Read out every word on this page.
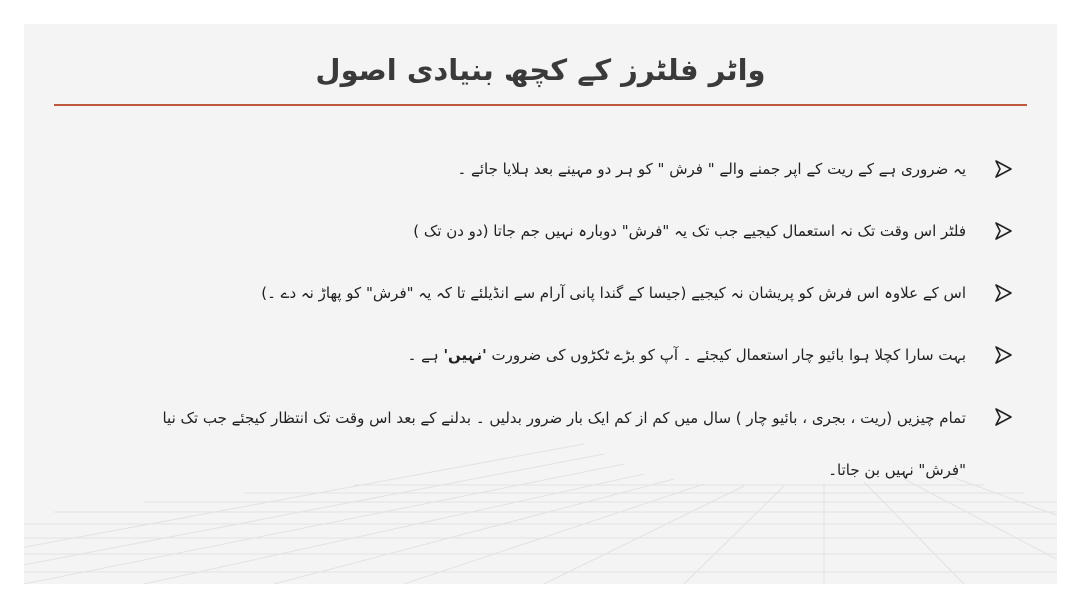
واٹر فلٹرز کے کچھ بنیادی اصول
یہ ضروری ہے کے ریت کے اپر جمنے والے " فرش " کو ہر دو مہینے بعد ہلایا جائے ۔
فلٹر اس وقت تک نہ استعمال کیجیے جب تک یہ "فرش" دوبارہ نہیں جم جاتا (دو دن تک )
اس کے علاوہ اس فرش کو پریشان نہ کیجیے (جیسا کے گندا پانی آرام سے انڈیلئے تا کہ یہ "فرش" کو پھاڑ نہ دے ۔)
بہت سارا کچلا ہوا بائیو چار استعمال کیجئے ۔ آپ کو بڑے ٹکڑوں کی ضرورت 'نہیں' ہے ۔
تمام چیزیں (ریت ، بجری ، بائیو چار ) سال میں کم از کم ایک بار ضرور بدلیں ۔ بدلنے کے بعد اس وقت تک انتظار کیجئے جب تک نیا "فرش" نہیں بن جاتا۔
